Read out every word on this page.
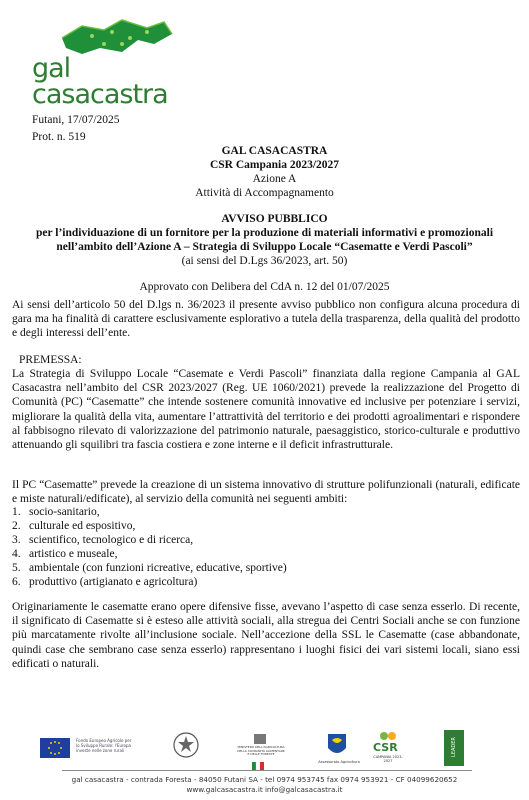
gal
casacastra
Futani, 17/07/2025
Prot. n. 519
GAL CASACASTRA
CSR Campania 2023/2027
Azione A
Attività di Accompagnamento
AVVISO PUBBLICO
per l’individuazione di un fornitore per la produzione di materiali informativi e promozionali
nell’ambito dell’Azione A – Strategia di Sviluppo Locale “Casematte e Verdi Pascoli”
(ai sensi del D.Lgs 36/2023, art. 50)
Approvato con Delibera del CdA n. 12 del 01/07/2025
Ai sensi dell’articolo 50 del D.lgs n. 36/2023 il presente avviso pubblico non configura alcuna procedura di gara ma ha finalità di carattere esclusivamente esplorativo a tutela della trasparenza, della qualità del prodotto e degli interessi dell’ente.
PREMESSA:
La Strategia di Sviluppo Locale “Casemate e Verdi Pascoli” finanziata dalla regione Campania al GAL Casacastra nell’ambito del CSR 2023/2027 (Reg. UE 1060/2021) prevede la realizzazione del Progetto di Comunità (PC) “Casematte” che intende sostenere comunità innovative ed inclusive per potenziare i servizi, migliorare la qualità della vita, aumentare l’attrattività del territorio e dei prodotti agroalimentari e rispondere al fabbisogno rilevato di valorizzazione del patrimonio naturale, paesaggistico, storico-culturale e produttivo attenuando gli squilibri tra fascia costiera e zone interne e il deficit infrastrutturale.
Il PC “Casematte” prevede la creazione di un sistema innovativo di strutture polifunzionali (naturali, edificate e miste naturali/edificate), al servizio della comunità nei seguenti ambiti:
1. socio-sanitario,
2. culturale ed espositivo,
3. scientifico, tecnologico e di ricerca,
4. artistico e museale,
5. ambientale (con funzioni ricreative, educative, sportive)
6. produttivo (artigianato e agricoltura)
Originariamente le casematte erano opere difensive fisse, avevano l’aspetto di case senza esserlo. Di recente, il significato di Casematte si è esteso alle attività sociali, alla stregua dei Centri Sociali anche se con funzione più marcatamente rivolte all’inclusione sociale. Nell’accezione della SSL le Casematte (case abbandonate, quindi case che sembrano case senza esserlo) rappresentano i luoghi fisici dei vari sistemi locali, siano essi edificati o naturali.
Fondo Europeo Agricolo per lo Sviluppo Rurale: l'Europa investe nelle zone rurali
MINISTERO DELL'AGRICOLTURA DELLA SOVRANITÀ ALIMENTARE E DELLE FORESTE
Assessorato Agricoltura
CSR
CAMPANIA 2023-2027
LEADER
gal casacastra - contrada Foresta - 84050 Futani SA - tel 0974 953745 fax 0974 953921 - CF 04099620652
www.galcasacastra.it info@galcasacastra.it
